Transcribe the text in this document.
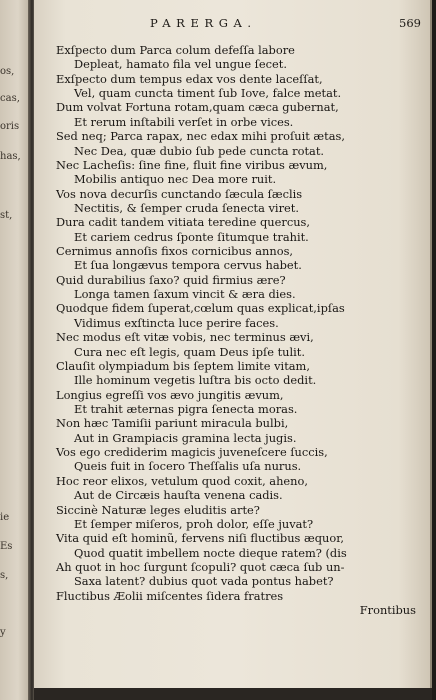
os,
cas,
oris
has,
st,
ie
Es
s,
y
PARERGA.	569
Exſpecto dum Parca colum defeſſa labore
Depleat, hamato fila vel ungue ſecet.
Exſpecto dum tempus edax vos dente laceſſat,
Vel, quam cuncta timent ſub Iove, falce metat.
Dum volvat Fortuna rotam,quam cæca gubernat,
Et rerum inſtabili verſet in orbe vices.
Sed neq; Parca rapax, nec edax mihi proſuit ætas,
Nec Dea, quæ dubio ſub pede cuncta rotat.
Nec Lacheſis: ſine fine, fluit fine viribus ævum,
Mobilis antiquo nec Dea more ruit.
Vos nova decurſis cunctando ſæcula ſæclis
Nectitis, & ſemper cruda ſenecta viret.
Dura cadit tandem vitiata teredine quercus,
Et cariem cedrus ſponte ſitumque trahit.
Cernimus annoſis fixos cornicibus annos,
Et ſua longævus tempora cervus habet.
Quid durabilius ſaxo? quid firmius ære?
Longa tamen ſaxum vincit & æra dies.
Quodque fidem ſuperat,cœlum quas explicat,ipſas
Vidimus exſtincta luce perire faces.
Nec modus eſt vitæ vobis, nec terminus ævi,
Cura nec eſt legis, quam Deus ipſe tulit.
Clauſit olympiadum bis ſeptem limite vitam,
Ille hominum vegetis luſtra bis octo dedit.
Longius egreſſi vos ævo jungitis ævum,
Et trahit æternas pigra ſenecta moras.
Non hæc Tamiſii pariunt miracula bulbi,
Aut in Grampiacis gramina lecta jugis.
Vos ego crediderim magicis juveneſcere ſuccis,
Queis fuit in ſocero Theſſalis uſa nurus.
Hoc reor elixos, vetulum quod coxit, aheno,
Aut de Circæis hauſta venena cadis.
Siccinè Naturæ leges eluditis arte?
Et ſemper miſeros, proh dolor, eſſe juvat?
Vita quid eſt hominũ, fervens niſi fluctibus æquor,
Quod quatit imbellem nocte dieque ratem? (dis
Ah quot in hoc ſurgunt ſcopuli? quot cæca ſub un-
Saxa latent? dubius quot vada pontus habet?
Fluctibus Æolii miſcentes ſidera fratres
Frontibus
